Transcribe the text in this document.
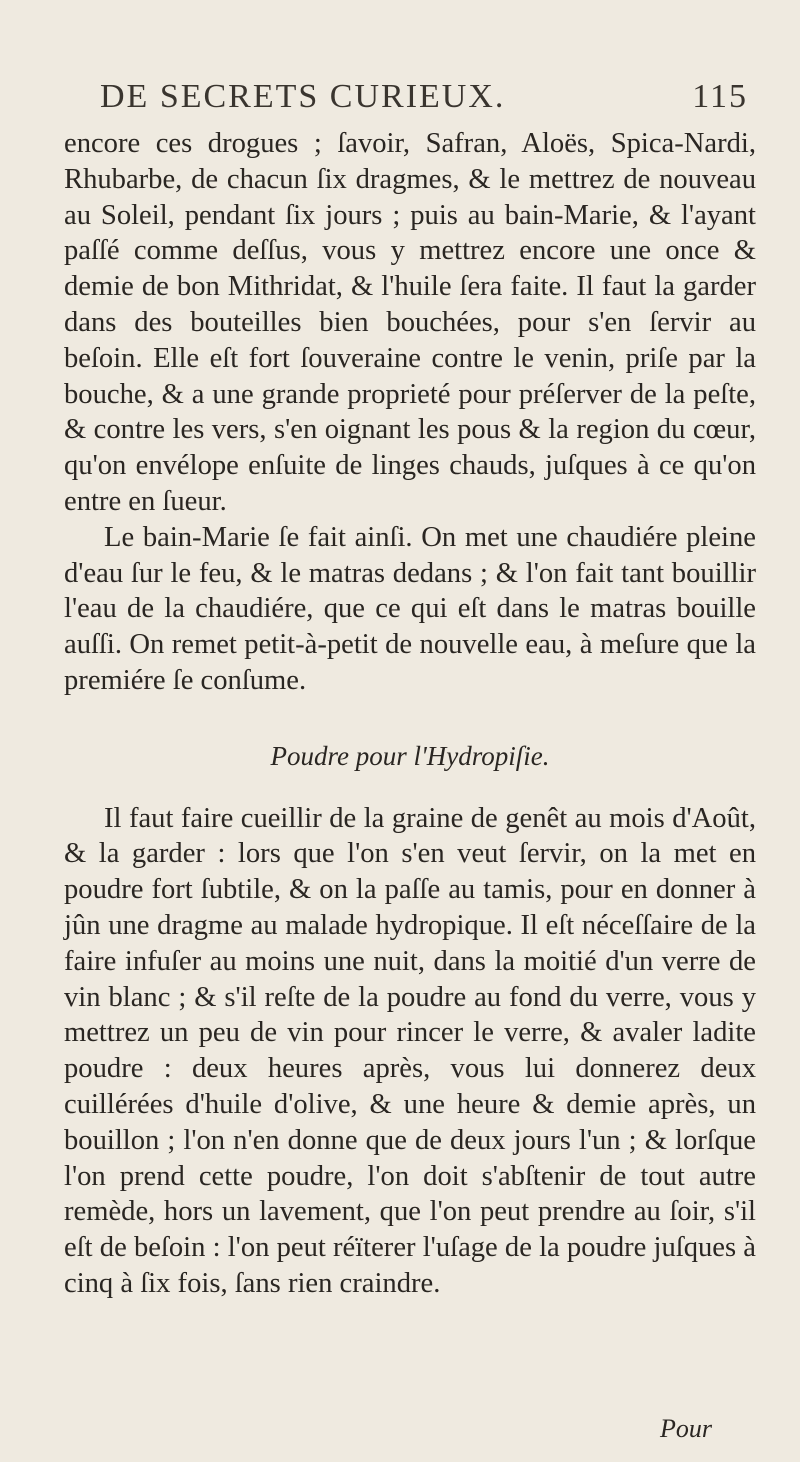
DE SECRETS CURIEUX.	115

encore ces drogues ; ſavoir, Safran, Aloës, Spica-Nardi, Rhubarbe, de chacun ſix dragmes, & le mettrez de nouveau au Soleil, pendant ſix jours ; puis au bain-Marie, & l'ayant paſſé comme deſſus, vous y mettrez encore une once & demie de bon Mithridat, & l'huile ſera faite. Il faut la garder dans des bouteilles bien bouchées, pour s'en ſervir au beſoin. Elle eſt fort ſouveraine contre le venin, priſe par la bouche, & a une grande proprieté pour préſerver de la peſte, & contre les vers, s'en oignant les pous & la region du cœur, qu'on envélope enſuite de linges chauds, juſques à ce qu'on entre en ſueur.

Le bain-Marie ſe fait ainſi. On met une chaudiére pleine d'eau ſur le feu, & le matras dedans ; & l'on fait tant bouillir l'eau de la chaudiére, que ce qui eſt dans le matras bouille auſſi. On remet petit-à-petit de nouvelle eau, à meſure que la premiére ſe conſume.

Poudre pour l'Hydropiſie.

Il faut faire cueillir de la graine de genêt au mois d'Août, & la garder : lors que l'on s'en veut ſervir, on la met en poudre fort ſubtile, & on la paſſe au tamis, pour en donner à jûn une dragme au malade hydropique. Il eſt néceſſaire de la faire infuſer au moins une nuit, dans la moitié d'un verre de vin blanc ; & s'il reſte de la poudre au fond du verre, vous y mettrez un peu de vin pour rincer le verre, & avaler ladite poudre : deux heures après, vous lui donnerez deux cuillérées d'huile d'olive, & une heure & demie après, un bouillon ; l'on n'en donne que de deux jours l'un ; & lorſque l'on prend cette poudre, l'on doit s'abſtenir de tout autre remède, hors un lavement, que l'on peut prendre au ſoir, s'il eſt de beſoin : l'on peut réïterer l'uſage de la poudre juſques à cinq à ſix fois, ſans rien craindre.

Pour
